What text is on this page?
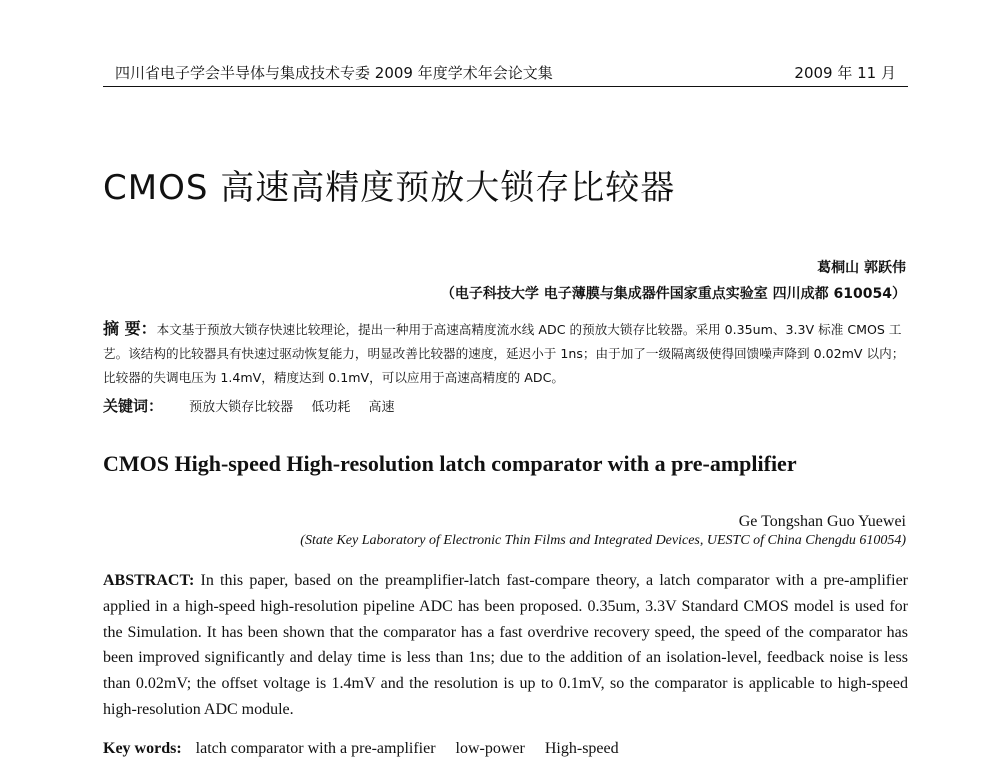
四川省电子学会半导体与集成技术专委 2009 年度学术年会论文集	2009 年 11 月
CMOS 高速高精度预放大锁存比较器
葛桐山 郭跃伟
（电子科技大学 电子薄膜与集成器件国家重点实验室 四川成都 610054）
摘 要：本文基于预放大锁存快速比较理论，提出一种用于高速高精度流水线 ADC 的预放大锁存比较器。采用 0.35um、3.3V 标准 CMOS 工艺。该结构的比较器具有快速过驱动恢复能力，明显改善比较器的速度，延迟小于 1ns；由于加了一级隔离级使得回馈噪声降到 0.02mV 以内；比较器的失调电压为 1.4mV，精度达到 0.1mV，可以应用于高速高精度的 ADC。
关键词： 预放大锁存比较器 低功耗 高速
CMOS High-speed High-resolution latch comparator with a pre-amplifier
Ge Tongshan Guo Yuewei
(State Key Laboratory of Electronic Thin Films and Integrated Devices, UESTC of China Chengdu 610054)
ABSTRACT: In this paper, based on the preamplifier-latch fast-compare theory, a latch comparator with a pre-amplifier applied in a high-speed high-resolution pipeline ADC has been proposed. 0.35um, 3.3V Standard CMOS model is used for the Simulation. It has been shown that the comparator has a fast overdrive recovery speed, the speed of the comparator has been improved significantly and delay time is less than 1ns; due to the addition of an isolation-level, feedback noise is less than 0.02mV; the offset voltage is 1.4mV and the resolution is up to 0.1mV, so the comparator is applicable to high-speed high-resolution ADC module.
Key words: latch comparator with a pre-amplifier low-power High-speed
